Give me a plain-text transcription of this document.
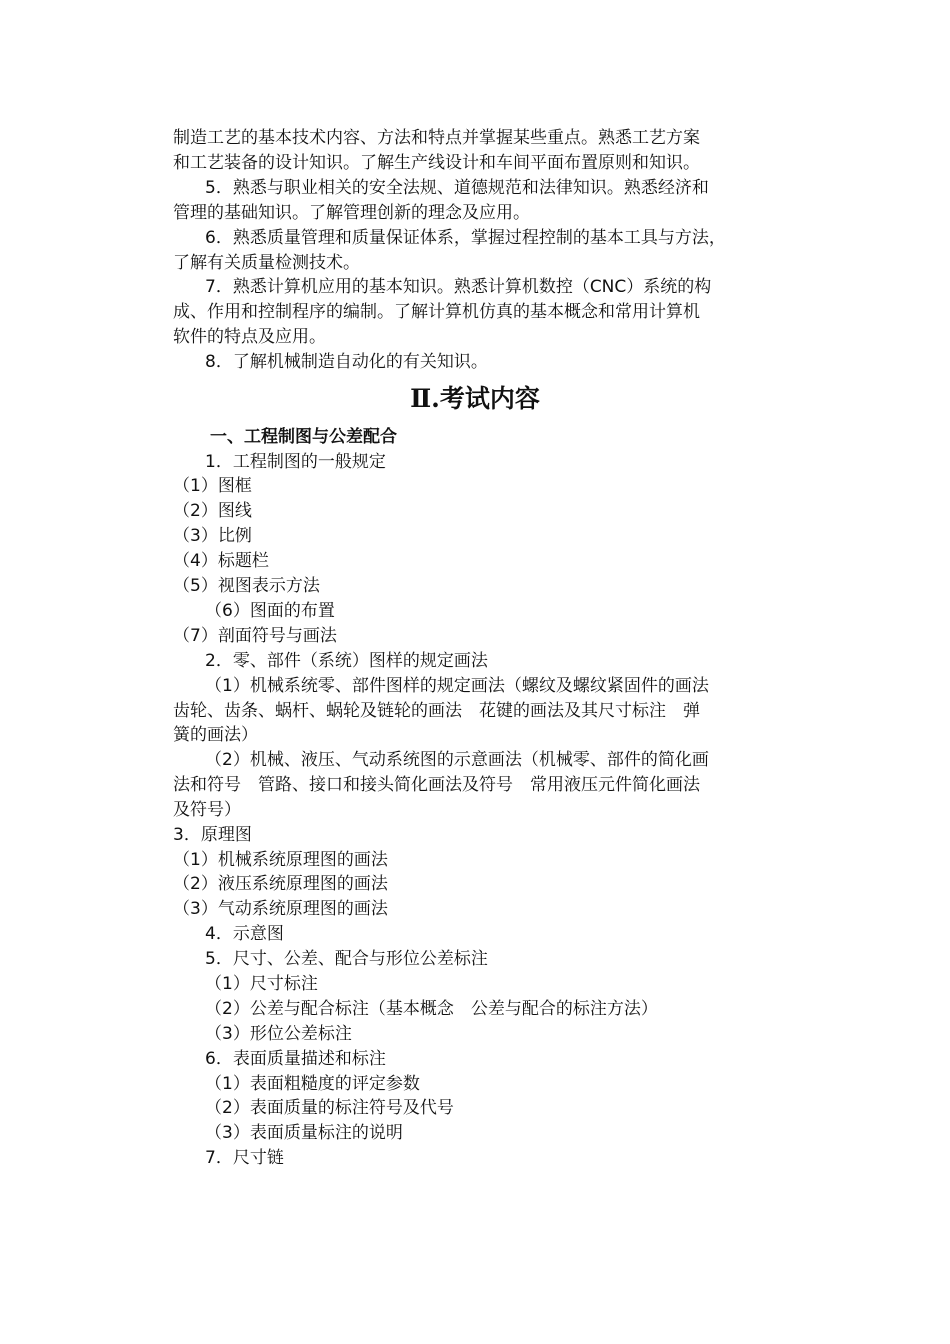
制造工艺的基本技术内容、方法和特点并掌握某些重点。熟悉工艺方案

和工艺装备的设计知识。了解生产线设计和车间平面布置原则和知识。

5．熟悉与职业相关的安全法规、道德规范和法律知识。熟悉经济和

管理的基础知识。了解管理创新的理念及应用。

6．熟悉质量管理和质量保证体系，掌握过程控制的基本工具与方法，

了解有关质量检测技术。

7．熟悉计算机应用的基本知识。熟悉计算机数控（CNC）系统的构

成、作用和控制程序的编制。了解计算机仿真的基本概念和常用计算机

软件的特点及应用。

8．了解机械制造自动化的有关知识。

Ⅱ.考试内容

一、工程制图与公差配合

1．工程制图的一般规定

（1）图框

（2）图线

（3）比例

（4）标题栏

（5）视图表示方法

（6）图面的布置

（7）剖面符号与画法

2．零、部件（系统）图样的规定画法

（1）机械系统零、部件图样的规定画法（螺纹及螺纹紧固件的画法

齿轮、齿条、蜗杆、蜗轮及链轮的画法　花键的画法及其尺寸标注　弹

簧的画法）

（2）机械、液压、气动系统图的示意画法（机械零、部件的简化画

法和符号　管路、接口和接头简化画法及符号　常用液压元件简化画法

及符号）

3．原理图

（1）机械系统原理图的画法

（2）液压系统原理图的画法

（3）气动系统原理图的画法

4．示意图

5．尺寸、公差、配合与形位公差标注

（1）尺寸标注

（2）公差与配合标注（基本概念　公差与配合的标注方法）

（3）形位公差标注

6．表面质量描述和标注

（1）表面粗糙度的评定参数

（2）表面质量的标注符号及代号

（3）表面质量标注的说明

7．尺寸链
